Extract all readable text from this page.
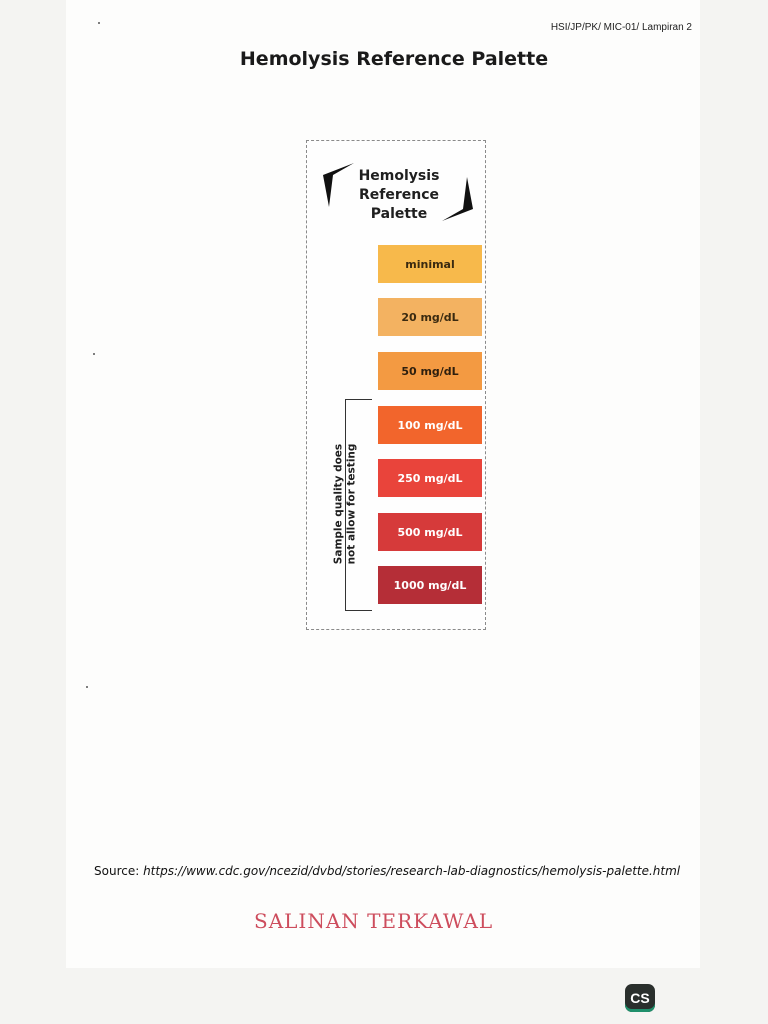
HSI/JP/PK/ MIC-01/ Lampiran 2
Hemolysis Reference Palette
Hemolysis
Reference
Palette
minimal
20 mg/dL
50 mg/dL
100 mg/dL
250 mg/dL
500 mg/dL
1000 mg/dL
Sample quality does not allow for testing
Source: https://www.cdc.gov/ncezid/dvbd/stories/research-lab-diagnostics/hemolysis-palette.html
SALINAN TERKAWAL
CS
